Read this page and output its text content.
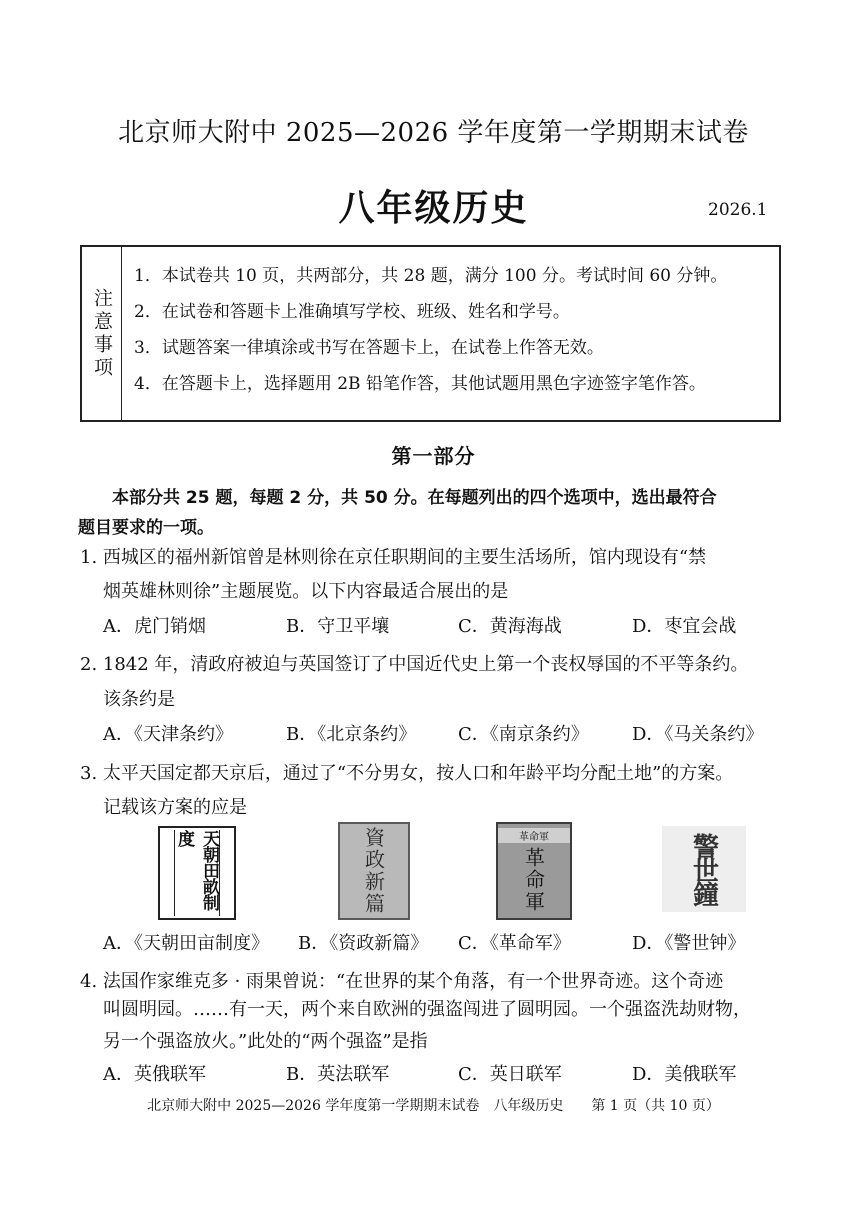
北京师大附中 2025—2026 学年度第一学期期末试卷
八年级历史	2026.1
注意事项
1．本试卷共 10 页，共两部分，共 28 题，满分 100 分。考试时间 60 分钟。
2．在试卷和答题卡上准确填写学校、班级、姓名和学号。
3．试题答案一律填涂或书写在答题卡上，在试卷上作答无效。
4．在答题卡上，选择题用 2B 铅笔作答，其他试题用黑色字迹签字笔作答。
第一部分
本部分共 25 题，每题 2 分，共 50 分。在每题列出的四个选项中，选出最符合
题目要求的一项。
1. 西城区的福州新馆曾是林则徐在京任职期间的主要生活场所，馆内现设有“禁
烟英雄林则徐”主题展览。以下内容最适合展出的是
A．虎门销烟	B．守卫平壤	C．黄海海战	D．枣宜会战
2. 1842 年，清政府被迫与英国签订了中国近代史上第一个丧权辱国的不平等条约。
该条约是
A．《天津条约》	B．《北京条约》 C．《南京条约》 D．《马关条约》
3. 太平天国定都天京后，通过了“不分男女，按人口和年龄平均分配土地”的方案。
记载该方案的应是
天朝田畝制度	資政新篇	革命軍
革命軍	警世鐘
A．《天朝田亩制度》 B．《资政新篇》 C．《革命军》	D．《警世钟》
4. 法国作家维克多 · 雨果曾说：“在世界的某个角落，有一个世界奇迹。这个奇迹
叫圆明园。……有一天，两个来自欧洲的强盗闯进了圆明园。一个强盗洗劫财物，
另一个强盗放火。”此处的“两个强盗”是指
A．英俄联军	B．英法联军	C．英日联军	D．美俄联军
北京师大附中 2025—2026 学年度第一学期期末试卷　八年级历史　　第 1 页（共 10 页）
